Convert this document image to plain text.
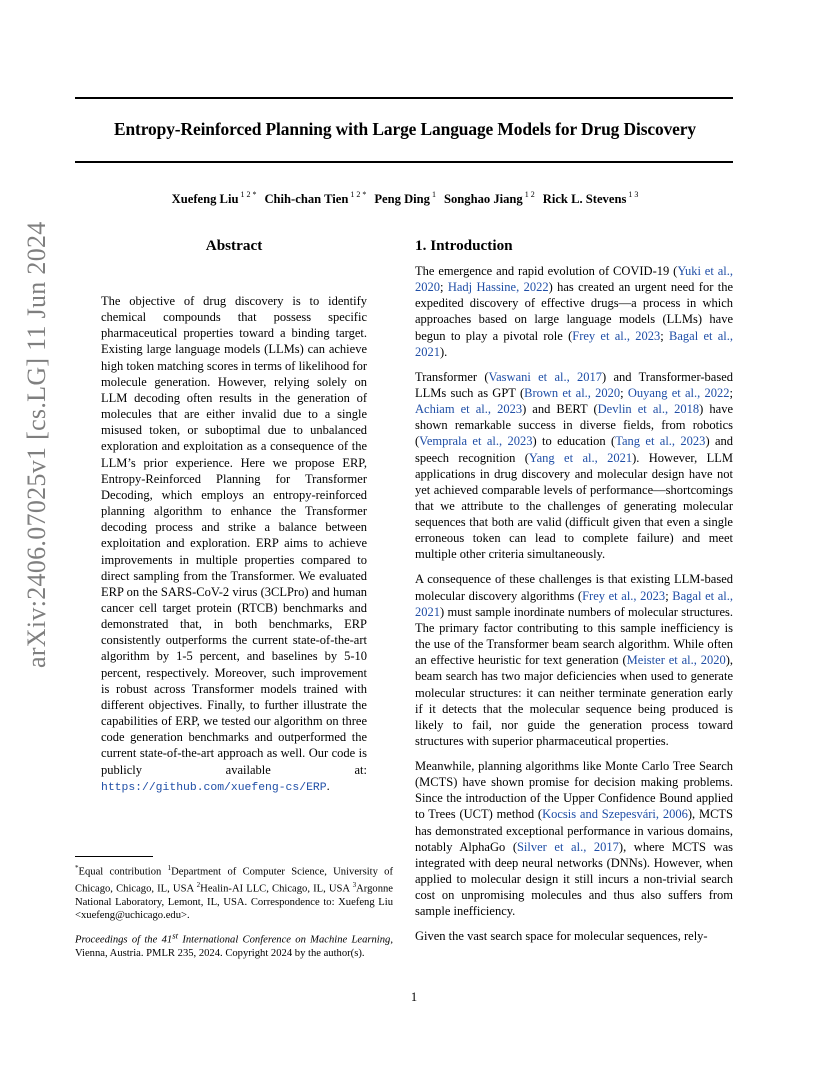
Entropy-Reinforced Planning with Large Language Models for Drug Discovery
Xuefeng Liu $^{1 2 *}$ Chih-chan Tien $^{1 2 *}$ Peng Ding $^1$ Songhao Jiang $^{1 2}$ Rick L. Stevens $^{1 3}$
arXiv:2406.07025v1 [cs.LG] 11 Jun 2024	Abstract
The objective of drug discovery is to identify chemical compounds that possess specific pharmaceutical properties toward a binding target. Existing large language models (LLMs) can achieve high token matching scores in terms of likelihood for molecule generation. However, relying solely on LLM decoding often results in the generation of molecules that are either invalid due to a single misused token, or suboptimal due to unbalanced exploration and exploitation as a consequence of the LLM’s prior experience. Here we propose ERP, Entropy-Reinforced Planning for Transformer Decoding, which employs an entropy-reinforced planning algorithm to enhance the Transformer decoding process and strike a balance between exploitation and exploration. ERP aims to achieve improvements in multiple properties compared to direct sampling from the Transformer. We evaluated ERP on the SARS-CoV-2 virus (3CLPro) and human cancer cell target protein (RTCB) benchmarks and demonstrated that, in both benchmarks, ERP consistently outperforms the current state-of-the-art algorithm by 1-5 percent, and baselines by 5-10 percent, respectively. Moreover, such improvement is robust across Transformer models trained with different objectives. Finally, to further illustrate the capabilities of ERP, we tested our algorithm on three code generation benchmarks and outperformed the current state-of-the-art approach as well. Our code is publicly available at: https://github.com/xuefeng-cs/ERP.
1. Introduction

The emergence and rapid evolution of COVID-19 (Yuki et al., 2020; Hadj Hassine, 2022) has created an urgent need for the expedited discovery of effective drugs—a process in which approaches based on large language models (LLMs) have begun to play a pivotal role (Frey et al., 2023; Bagal et al., 2021).

Transformer (Vaswani et al., 2017) and Transformer-based LLMs such as GPT (Brown et al., 2020; Ouyang et al., 2022; Achiam et al., 2023) and BERT (Devlin et al., 2018) have shown remarkable success in diverse fields, from robotics (Vemprala et al., 2023) to education (Tang et al., 2023) and speech recognition (Yang et al., 2021). However, LLM applications in drug discovery and molecular design have not yet achieved comparable levels of performance—shortcomings that we attribute to the challenges of generating molecular sequences that both are valid (difficult given that even a single erroneous token can lead to complete failure) and meet multiple other criteria simultaneously.

A consequence of these challenges is that existing LLM-based molecular discovery algorithms (Frey et al., 2023; Bagal et al., 2021) must sample inordinate numbers of molecular structures. The primary factor contributing to this sample inefficiency is the use of the Transformer beam search algorithm. While often an effective heuristic for text generation (Meister et al., 2020), beam search has two major deficiencies when used to generate molecular structures: it can neither terminate generation early if it detects that the molecular sequence being produced is likely to fail, nor guide the generation process toward structures with superior pharmaceutical properties.

Meanwhile, planning algorithms like Monte Carlo Tree Search (MCTS) have shown promise for decision making problems. Since the introduction of the Upper Confidence Bound applied to Trees (UCT) method (Kocsis and Szepesvári, 2006), MCTS has demonstrated exceptional performance in various domains, notably AlphaGo (Silver et al., 2017), where MCTS was integrated with deep neural networks (DNNs). However, when applied to molecular design it still incurs a non-trivial search cost on unpromising molecules and thus also suffers from sample inefficiency.

Given the vast search space for molecular sequences, rely-

*Equal contribution $^1$Department of Computer Science, University of Chicago, Chicago, IL, USA $^2$Healin-AI LLC, Chicago, IL, USA $^3$Argonne National Laboratory, Lemont, IL, USA. Correspondence to: Xuefeng Liu <xuefeng@uchicago.edu>.
Proceedings of the 41st International Conference on Machine Learning, Vienna, Austria. PMLR 235, 2024. Copyright 2024 by the author(s).
1
